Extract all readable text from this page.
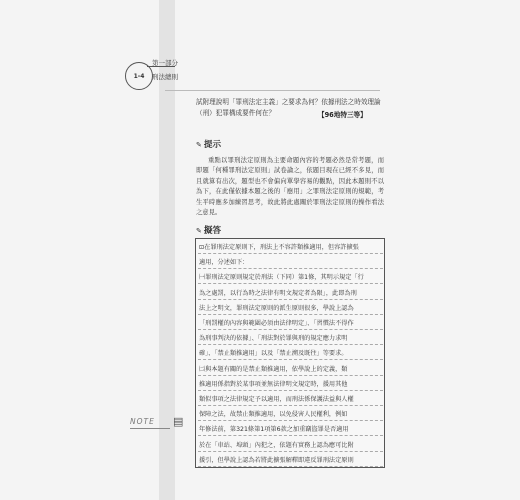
1-4
第一部分
刑法總則
試附理說明「罪刑法定主義」之要求為何？依據刑法之時效理論（刑）犯罪構成要件何在？	【96地特三等】
✎ 提示
重點以罪刑法定原則為主要命題內容的考題必然是常考題，而即題「何種罪刑法定原則」試卷論之，依題目現在已經不多見，而且就算有出次，題型也不會偏向單學容易的觀點，因此本題則不以為下，在此僅依據本題之後的「應用」之罪刑法定原則的規範，考生平時應多加練習思考，故此將此處關於罪刑法定原則的操作看法之意見。
✎ 擬答
⊡在罪刑法定原則下，刑法上不容許類推適用，但容許擴張
適用，分述如下：
㈠罪刑法定原則規定於刑法（下同）第1條，其明示規定「行
為之處罰，以行為時之法律有明文規定者為限」，此即為刑
法上之明文，罪刑法定原則的派生原則很多，學說上認為
「刑罰權的內容與範圍必須由法律明定」、「習慣法不得作
為刑事判決的依據」、「刑法對於罪與刑的規定應力求明
確」、「禁止類推適用」以及「禁止溯及既往」等要求。
㈡與本題有關的是禁止類推適用，依學說上的定義，類
推適用係指對於某事項並無法律明文規定時，援用其他
類似事項之法律規定予以適用，而刑法係保護法益與人權
保障之法，故禁止類推適用，以免侵害人民權利，例如
年修法前，第321條第1項第6款之加重竊盜罪是否適用
於在「車站、埠頭」內犯之，依題有實務上認為應可比附
援引，但學說上認為若將此擴張解釋即違反罪刑法定原則
NOTE ▤
